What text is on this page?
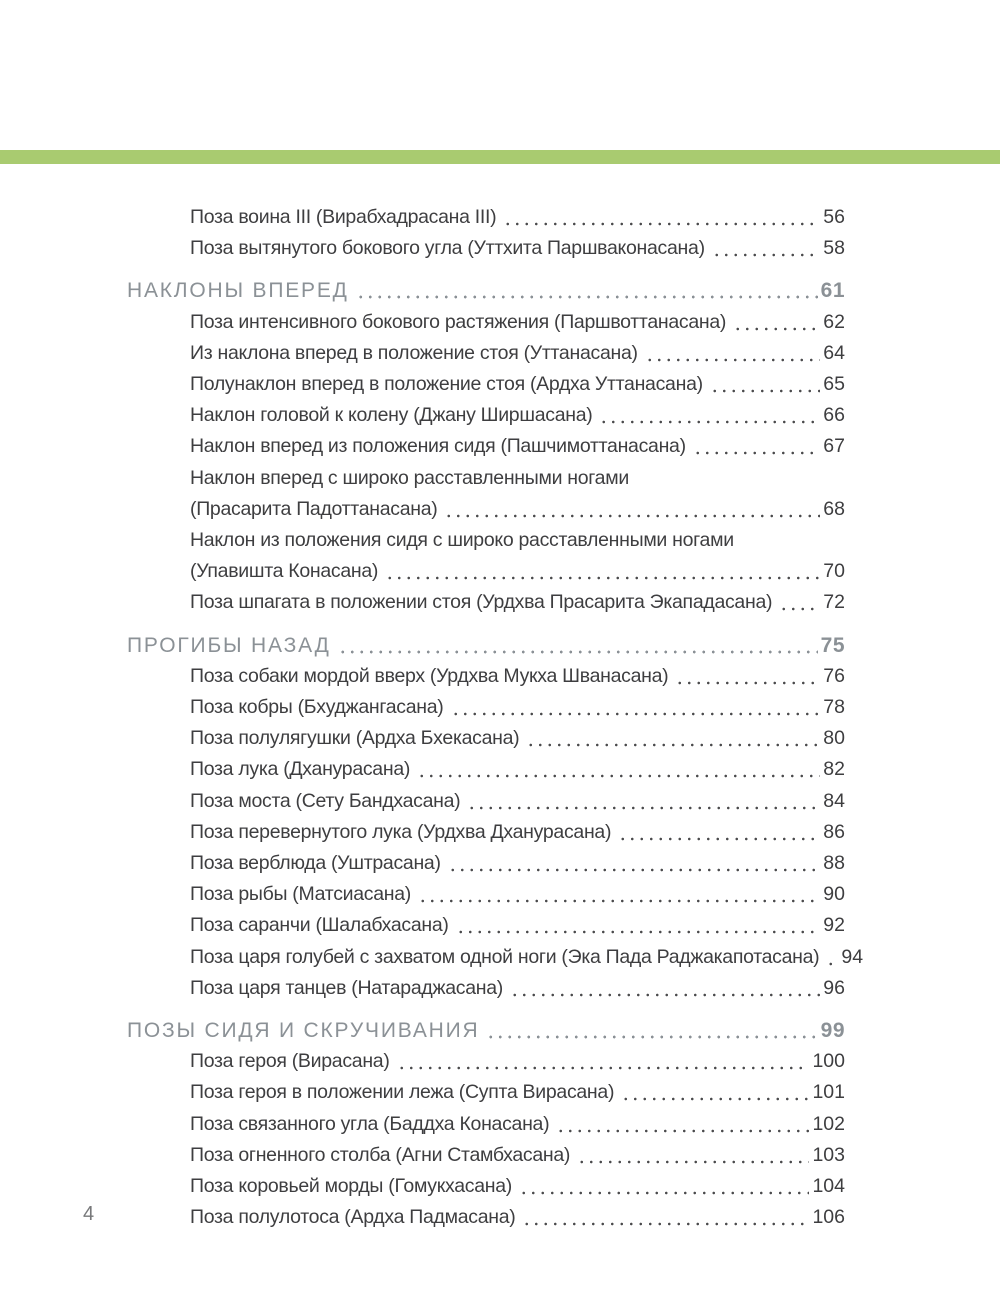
Поза воина III (Вирабхадрасана III)	56
Поза вытянутого бокового угла (Уттхита Паршваконасана)	58
НАКЛОНЫ ВПЕРЕД	61
Поза интенсивного бокового растяжения (Паршвоттанасана)	62
Из наклона вперед в положение стоя (Уттанасана)	64
Полунаклон вперед в положение стоя (Ардха Уттанасана)	65
Наклон головой к колену (Джану Ширшасана)	66
Наклон вперед из положения сидя (Пашчимоттанасана)	67
Наклон вперед с широко расставленными ногами
(Прасарита Падоттанасана)	68
Наклон из положения сидя с широко расставленными ногами
(Упавишта Конасана)	70
Поза шпагата в положении стоя (Урдхва Прасарита Экападасана)	72
ПРОГИБЫ НАЗАД	75
Поза собаки мордой вверх (Урдхва Мукха Шванасана)	76
Поза кобры (Бхуджангасана)	78
Поза полулягушки (Ардха Бхекасана)	80
Поза лука (Дханурасана)	82
Поза моста (Сету Бандхасана)	84
Поза перевернутого лука (Урдхва Дханурасана)	86
Поза верблюда (Уштрасана)	88
Поза рыбы (Матсиасана)	90
Поза саранчи (Шалабхасана)	92
Поза царя голубей с захватом одной ноги (Эка Пада Раджакапотасана) 94
Поза царя танцев (Натараджасана)	96
ПОЗЫ СИДЯ И СКРУЧИВАНИЯ	99
Поза героя (Вирасана)	100
Поза героя в положении лежа (Супта Вирасана)	101
Поза связанного угла (Баддха Конасана)	102
Поза огненного столба (Агни Стамбхасана)	103
Поза коровьей морды (Гомукхасана)	104
Поза полулотоса (Ардха Падмасана)	106
4
